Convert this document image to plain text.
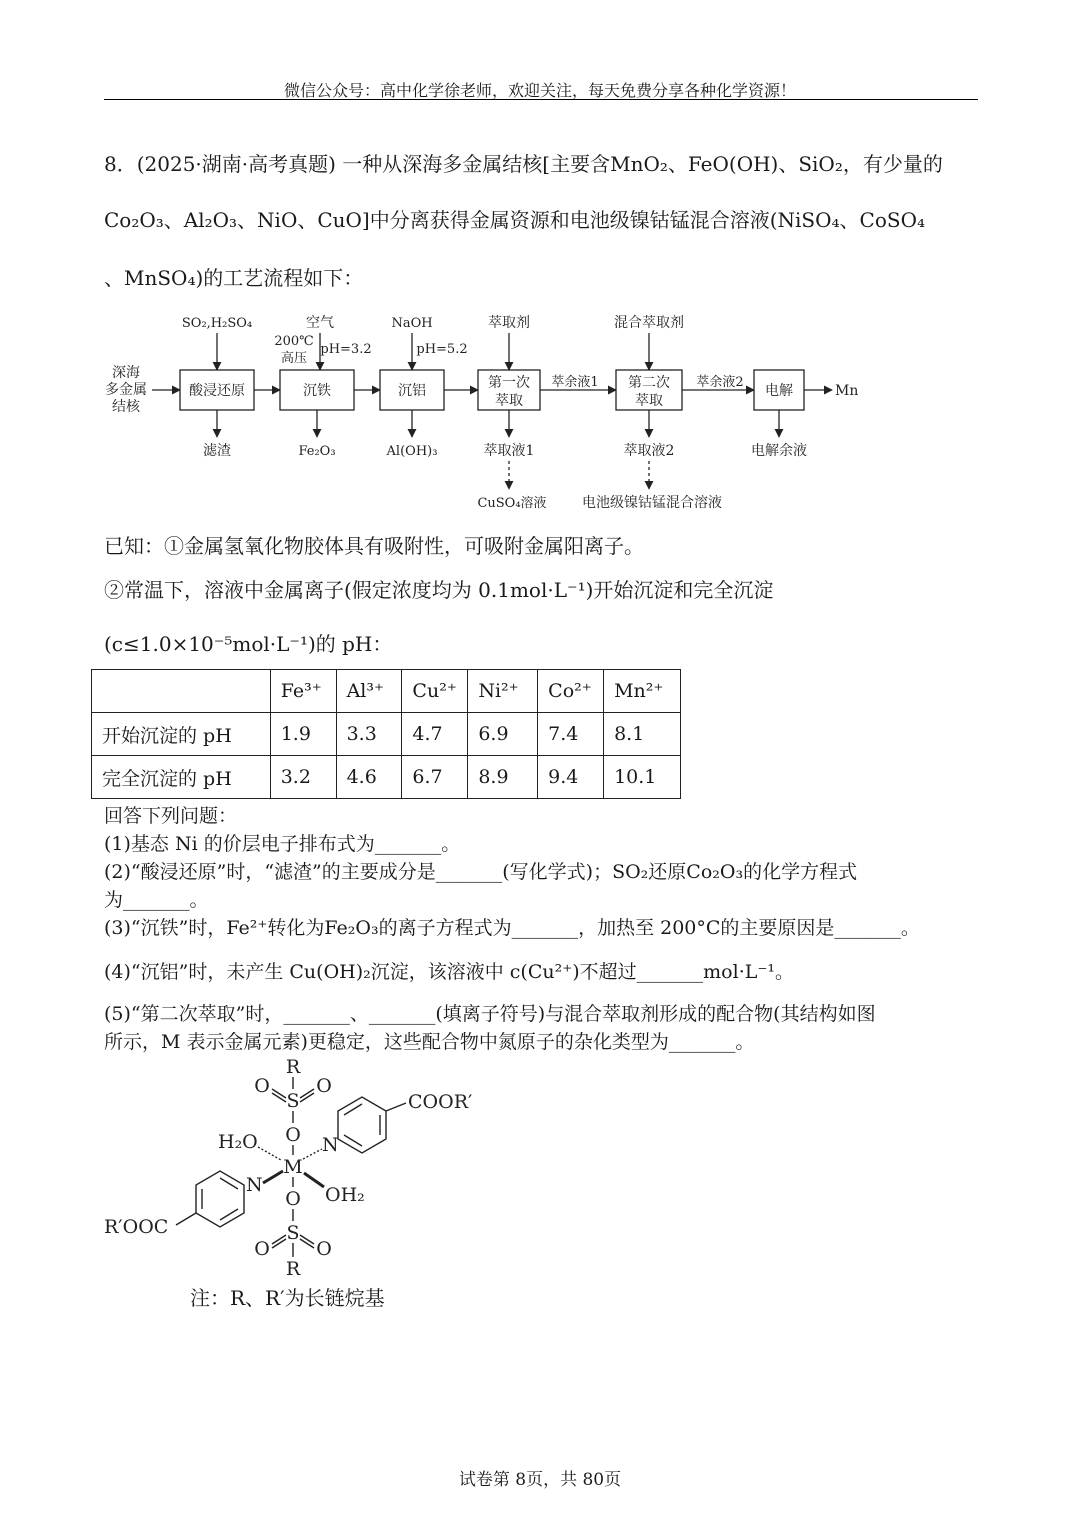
微信公众号：高中化学徐老师，欢迎关注，每天免费分享各种化学资源！
8．(2025·湖南·高考真题) 一种从深海多金属结核[主要含MnO₂、FeO(OH)、SiO₂，有少量的
Co₂O₃、Al₂O₃、NiO、CuO]中分离获得金属资源和电池级镍钴锰混合溶液(NiSO₄、CoSO₄
、MnSO₄)的工艺流程如下：
深海
多金属
结核
酸浸还原
SO₂,H₂SO₄
滤渣
沉铁
空气
200℃
高压
pH=3.2
Fe₂O₃
沉铝
NaOH
pH=5.2
Al(OH)₃
第一次
萃取
萃取剂
萃取液1
CuSO₄溶液
萃余液1 第二次
萃取
混合萃取剂
萃取液2
电池级镍钴锰混合溶液
萃余液2
电解
电解余液
Mn
已知：①金属氢氧化物胶体具有吸附性，可吸附金属阳离子。
②常温下，溶液中金属离子(假定浓度均为 0.1mol·L⁻¹)开始沉淀和完全沉淀
(c≤1.0×10⁻⁵mol·L⁻¹)的 pH：
	Fe³⁺	Al³⁺	Cu²⁺	Ni²⁺	Co²⁺	Mn²⁺
开始沉淀的 pH	1.9	3.3	4.7	6.9	7.4	8.1
完全沉淀的 pH	3.2	4.6	6.7	8.9	9.4	10.1
回答下列问题：
(1)基态 Ni 的价层电子排布式为_______。
(2)“酸浸还原”时，“滤渣”的主要成分是_______(写化学式)；SO₂还原Co₂O₃的化学方程式
为_______。
(3)“沉铁”时，Fe²⁺转化为Fe₂O₃的离子方程式为_______，加热至 200°C的主要原因是_______。
(4)“沉铝”时，未产生 Cu(OH)₂沉淀，该溶液中 c(Cu²⁺)不超过_______mol·L⁻¹。
(5)“第二次萃取”时，_______、_______(填离子符号)与混合萃取剂形成的配合物(其结构如图
所示，M 表示金属元素)更稳定，这些配合物中氮原子的杂化类型为_______。
R
S
O O
O
M
H₂O
OH₂
N
COOR′
N
R′OOC
O
S
O O
R
注：R、R′为长链烷基
试卷第 8页，共 80页
